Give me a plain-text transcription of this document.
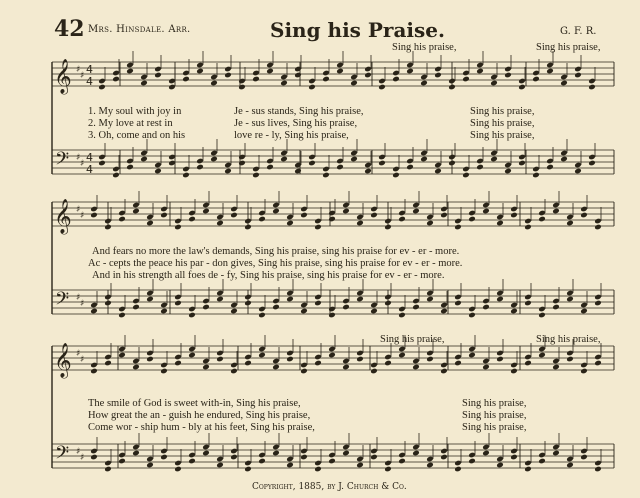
42 Mrs. Hinsdale. Arr.	Sing his Praise.	G. F. R.
𝄞
𝄢
♯
♯
♯
♯
4
4
4
4
𝄞
𝄢
♯
♯
♯
♯
𝄞
𝄢
♯
♯
♯
♯
Sing his praise,	Sing his praise,
1. My soul with joy in	Je - sus stands, Sing his praise,	Sing his praise,
2. My love at rest in	Je - sus lives, Sing his praise,	Sing his praise,
3. Oh, come and on his	love re - ly, Sing his praise,	Sing his praise,
And fears no more the law's demands, Sing his praise, sing his praise for ev - er - more.
Ac - cepts the peace his par - don gives, Sing his praise, sing his praise for ev - er - more.
And in his strength all foes de - fy, Sing his praise, sing his praise for ev - er - more.
Sing his praise,	Sing his praise,
The smile of God is sweet with-in, Sing his praise,	Sing his praise,
How great the an - guish he endured, Sing his praise,	Sing his praise,
Come wor - ship hum - bly at his feet, Sing his praise,	Sing his praise,
Copyright, 1885, by J. Church & Co.
